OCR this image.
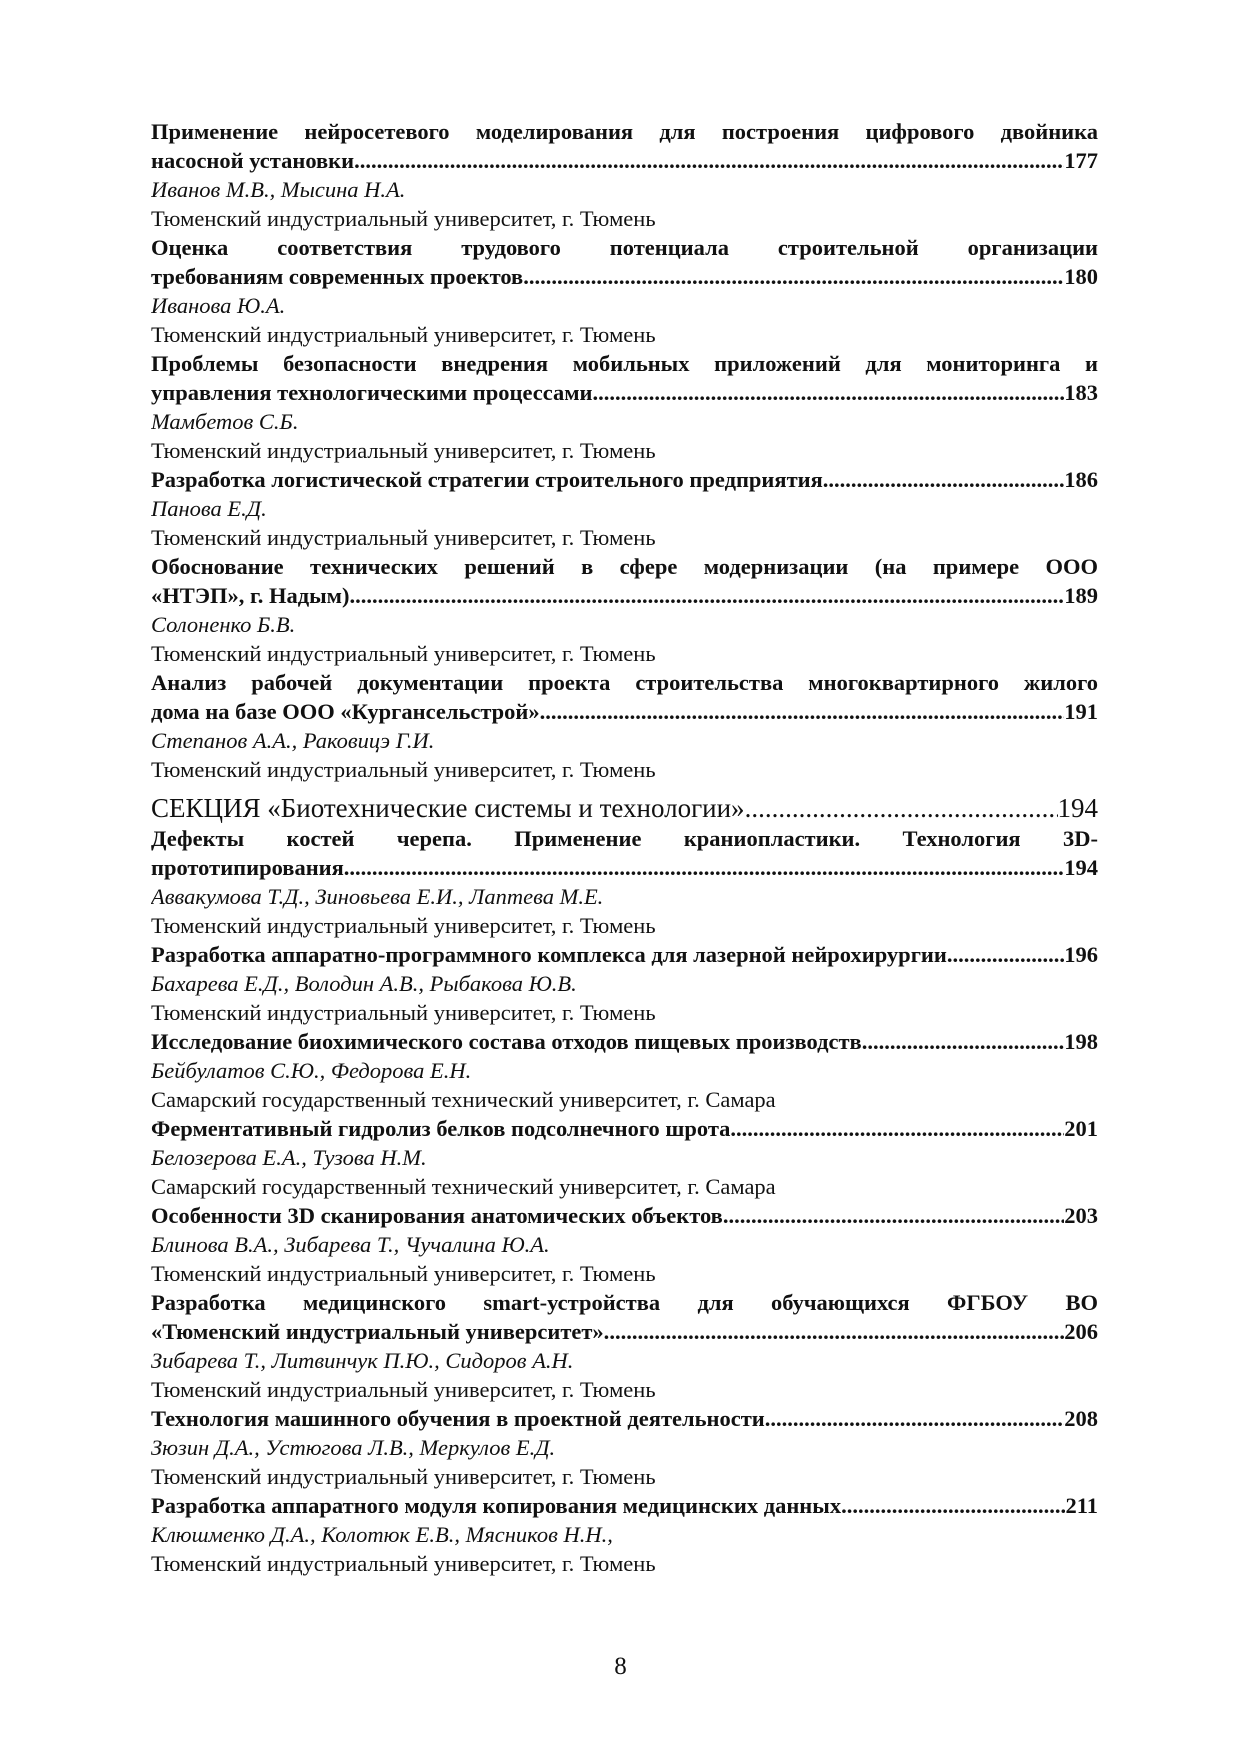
Применение нейросетевого моделирования для построения цифрового двойника
насосной установки .....	177
Иванов М.В., Мысина Н.А.
Тюменский индустриальный университет, г. Тюмень
Оценка соответствия трудового потенциала строительной организации
требованиям современных проектов .....	180
Иванова Ю.А.
Тюменский индустриальный университет, г. Тюмень
Проблемы безопасности внедрения мобильных приложений для мониторинга и
управления технологическими процессами. .....	183
Мамбетов С.Б.
Тюменский индустриальный университет, г. Тюмень
Разработка логистической стратегии строительного предприятия .....	186
Панова Е.Д.
Тюменский индустриальный университет, г. Тюмень
Обоснование технических решений в сфере модернизации (на примере ООО
«НТЭП», г. Надым) .....	189
Солоненко Б.В.
Тюменский индустриальный университет, г. Тюмень
Анализ рабочей документации проекта строительства многоквартирного жилого
дома на базе ООО «Кургансельстрой» .....	191
Степанов А.А., Раковицэ Г.И.
Тюменский индустриальный университет, г. Тюмень
СЕКЦИЯ «Биотехнические системы и технологии» .....	194
Дефекты костей черепа. Применение краниопластики. Технология 3D-
прототипирования. .....	194
Аввакумова Т.Д., Зиновьева Е.И., Лаптева М.Е.
Тюменский индустриальный университет, г. Тюмень
Разработка аппаратно-программного комплекса для лазерной нейрохирургии. .....	196
Бахарева Е.Д., Володин А.В., Рыбакова Ю.В.
Тюменский индустриальный университет, г. Тюмень
Исследование биохимического состава отходов пищевых производств .....	198
Бейбулатов С.Ю., Федорова Е.Н.
Самарский государственный технический университет, г. Самара
Ферментативный гидролиз белков подсолнечного шрота .....	201
Белозерова Е.А., Тузова Н.М.
Самарский государственный технический университет, г. Самара
Особенности 3D сканирования анатомических объектов .....	203
Блинова В.А., Зибарева Т., Чучалина Ю.А.
Тюменский индустриальный университет, г. Тюмень
Разработка медицинского smart-устройства для обучающихся ФГБОУ ВО
«Тюменский индустриальный университет». .....	206
Зибарева Т., Литвинчук П.Ю., Сидоров А.Н.
Тюменский индустриальный университет, г. Тюмень
Технология машинного обучения в проектной деятельности .....	208
Зюзин Д.А., Устюгова Л.В., Меркулов Е.Д.
Тюменский индустриальный университет, г. Тюмень
Разработка аппаратного модуля копирования медицинских данных .....	211
Клюшменко Д.А., Колотюк Е.В., Мясников Н.Н.,
Тюменский индустриальный университет, г. Тюмень
8
